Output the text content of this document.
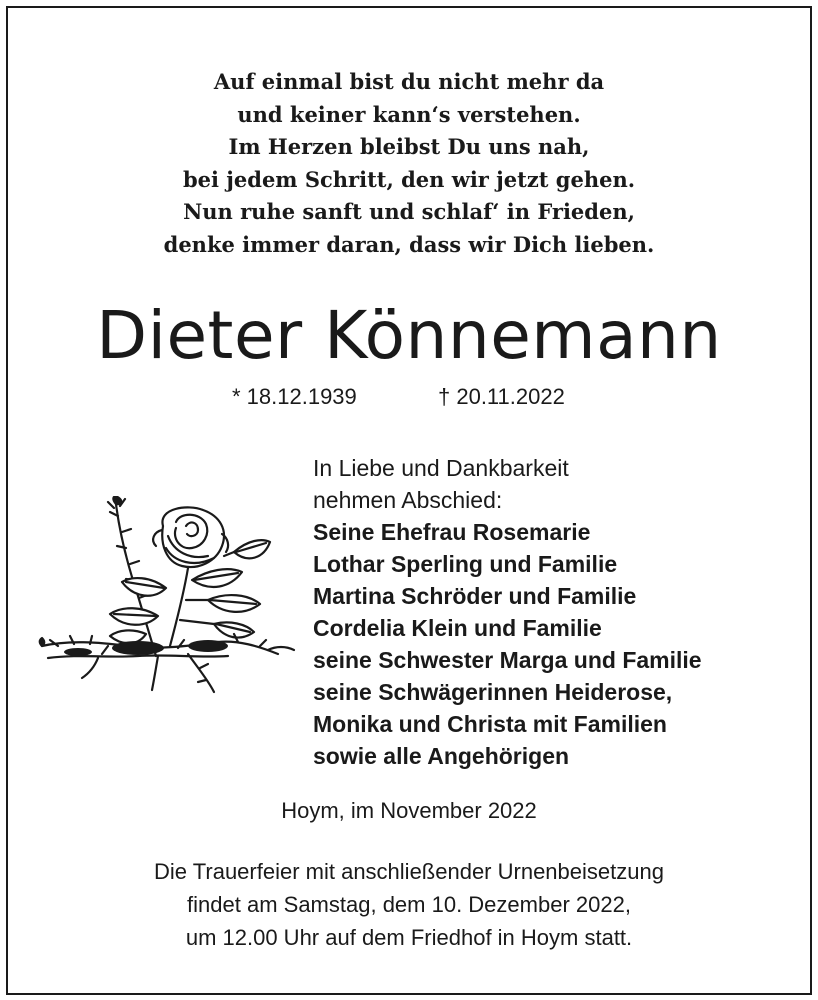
Auf einmal bist du nicht mehr da
und keiner kann‘s verstehen.
Im Herzen bleibst Du uns nah,
bei jedem Schritt, den wir jetzt gehen.
Nun ruhe sanft und schlaf‘ in Frieden,
denke immer daran, dass wir Dich lieben.
Dieter Könnemann
* 18.12.1939	† 20.11.2022
In Liebe und Dankbarkeit
nehmen Abschied:
Seine Ehefrau Rosemarie
Lothar Sperling und Familie
Martina Schröder und Familie
Cordelia Klein und Familie
seine Schwester Marga und Familie
seine Schwägerinnen Heiderose,
Monika und Christa mit Familien
sowie alle Angehörigen
Hoym, im November 2022
Die Trauerfeier mit anschließender Urnenbeisetzung
findet am Samstag, dem 10. Dezember 2022,
um 12.00 Uhr auf dem Friedhof in Hoym statt.
